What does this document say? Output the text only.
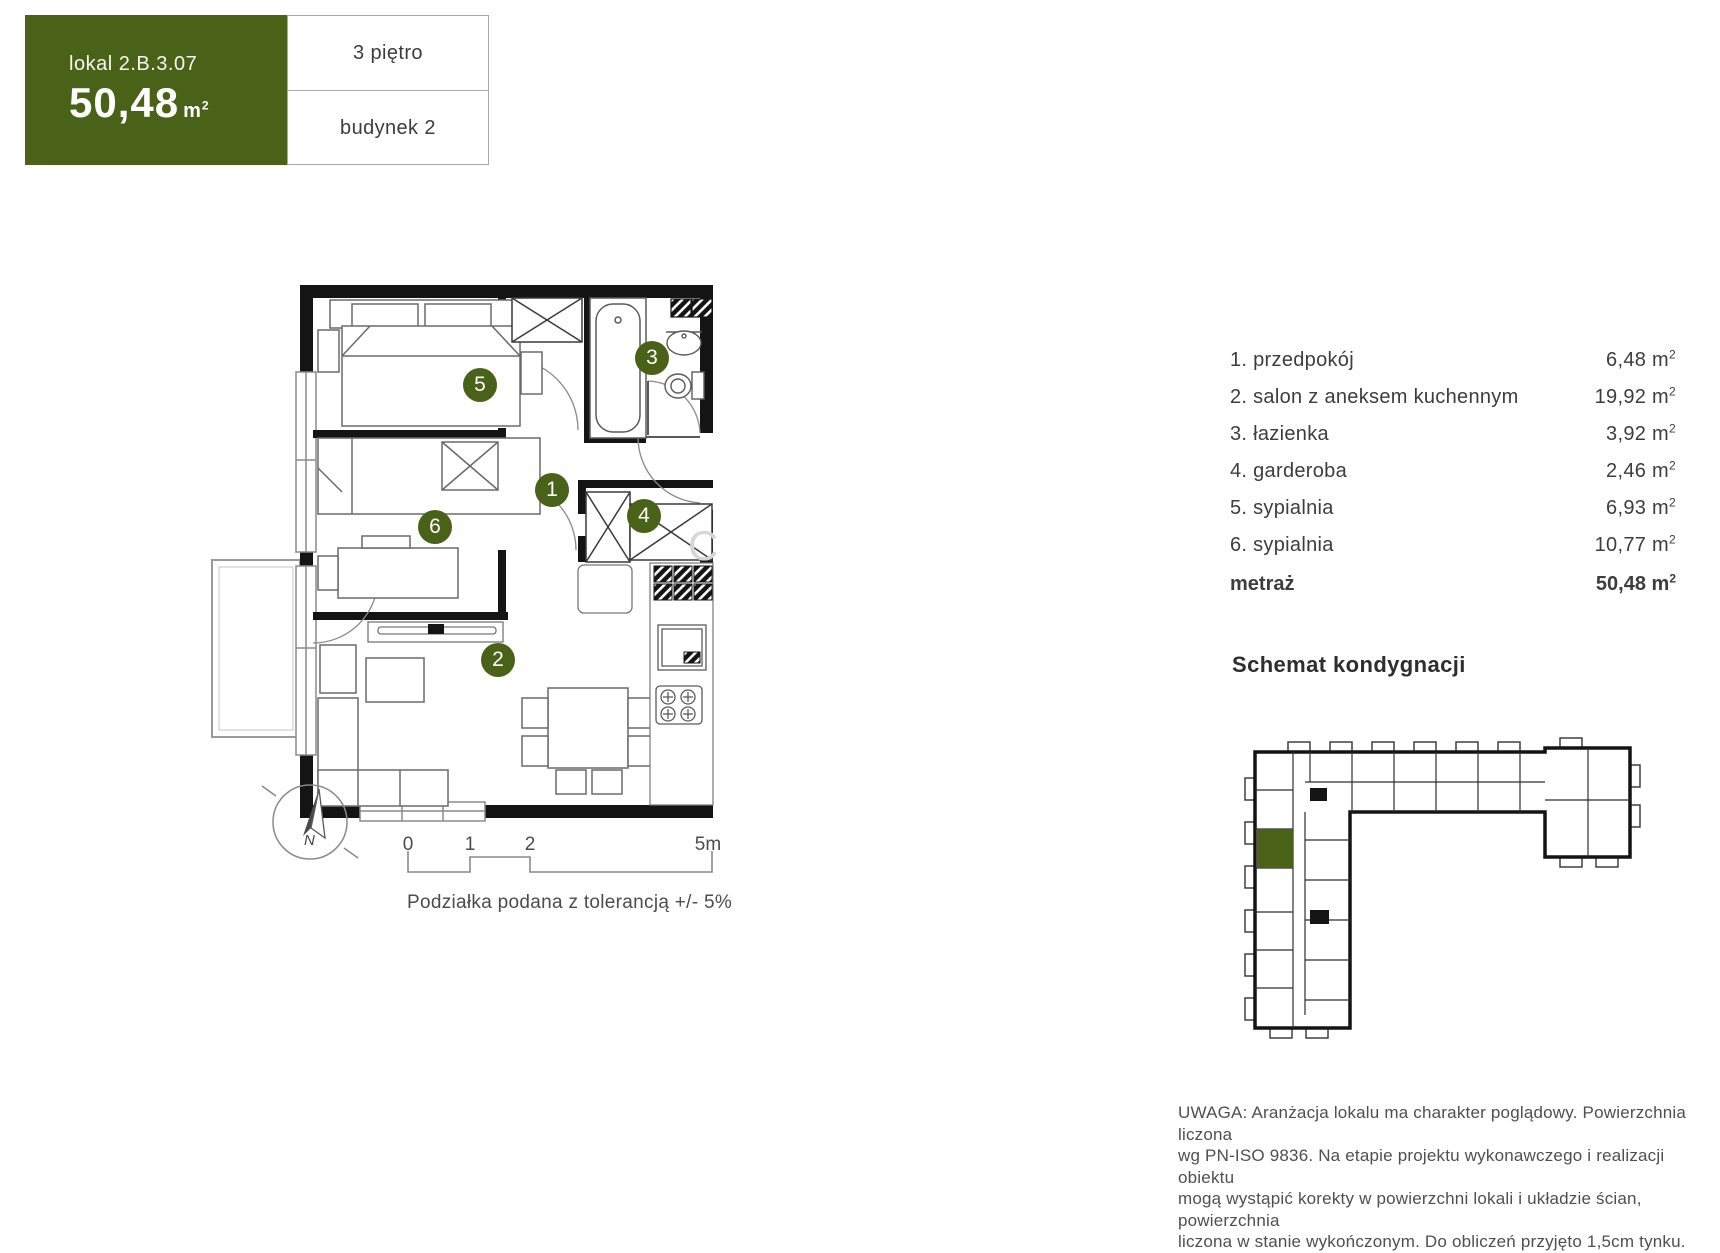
lokal 2.B.3.07
50,48 $m^2$
3 piętro
budynek 2
5
3
1
6	4
2
C
N	0	1	2	5m
Podziałka podana z tolerancją +/- 5%
1. przedpokój	6,48 $m^2$
2. salon z aneksem kuchennym	19,92 $m^2$
3. łazienka	3,92 $m^2$
4. garderoba	2,46 $m^2$
5. sypialnia	6,93 $m^2$
6. sypialnia	10,77 $m^2$
metraż	50,48 $m^2$
Schemat kondygnacji
UWAGA: Aranżacja lokalu ma charakter poglądowy. Powierzchnia liczona
wg PN-ISO 9836. Na etapie projektu wykonawczego i realizacji obiektu
mogą wystąpić korekty w powierzchni lokali i układzie ścian, powierzchnia
liczona w stanie wykończonym. Do obliczeń przyjęto 1,5cm tynku.
